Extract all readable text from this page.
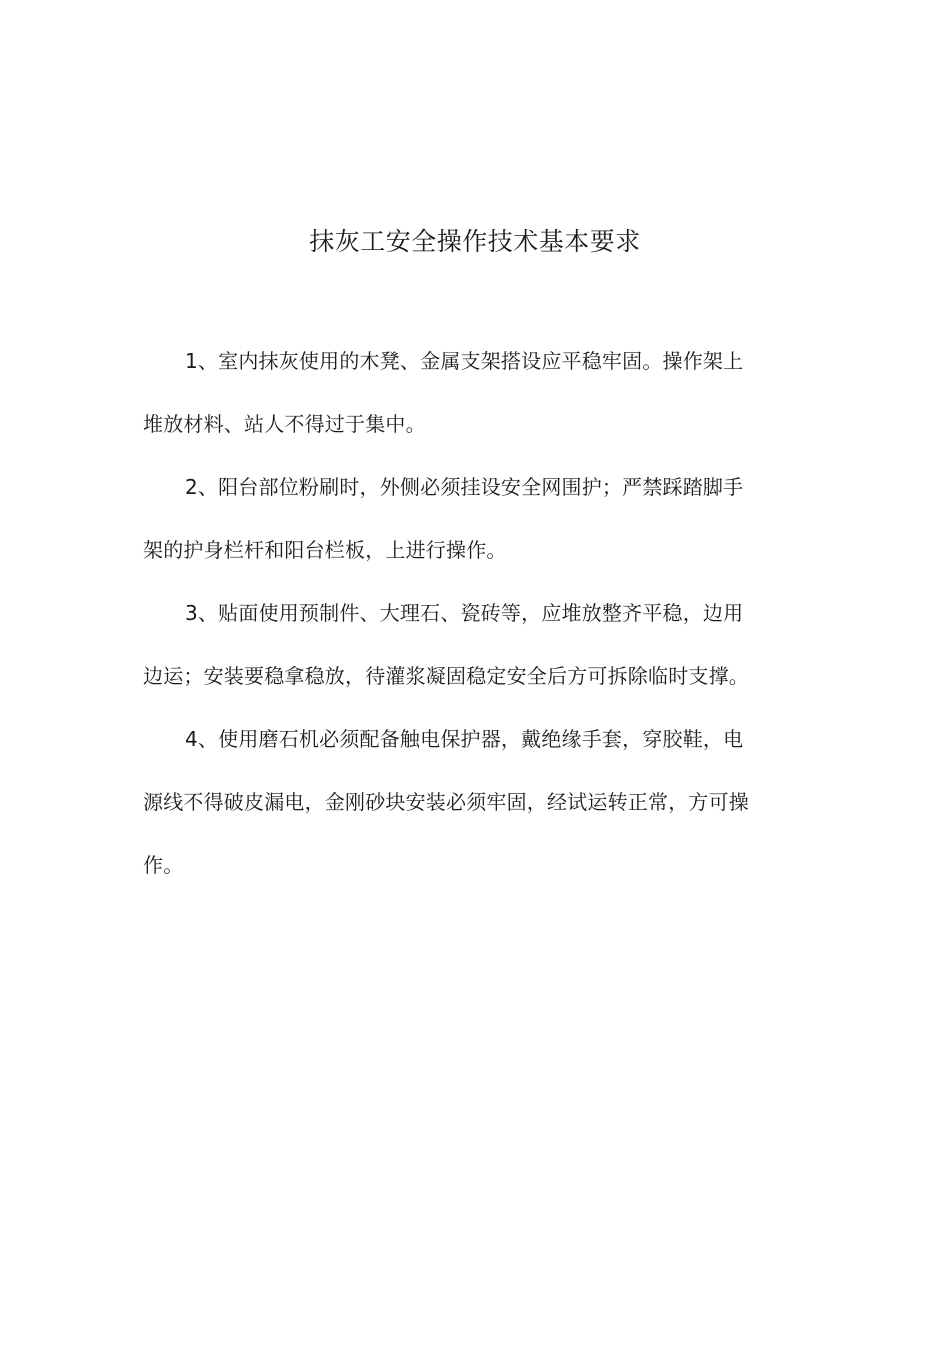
抹灰工安全操作技术基本要求
1、室内抹灰使用的木凳、金属支架搭设应平稳牢固。操作架上
堆放材料、站人不得过于集中。
2、阳台部位粉刷时，外侧必须挂设安全网围护；严禁踩踏脚手
架的护身栏杆和阳台栏板，上进行操作。
3、贴面使用预制件、大理石、瓷砖等，应堆放整齐平稳，边用
边运；安装要稳拿稳放，待灌浆凝固稳定安全后方可拆除临时支撑。
4、使用磨石机必须配备触电保护器，戴绝缘手套，穿胶鞋，电
源线不得破皮漏电，金刚砂块安装必须牢固，经试运转正常，方可操
作。
